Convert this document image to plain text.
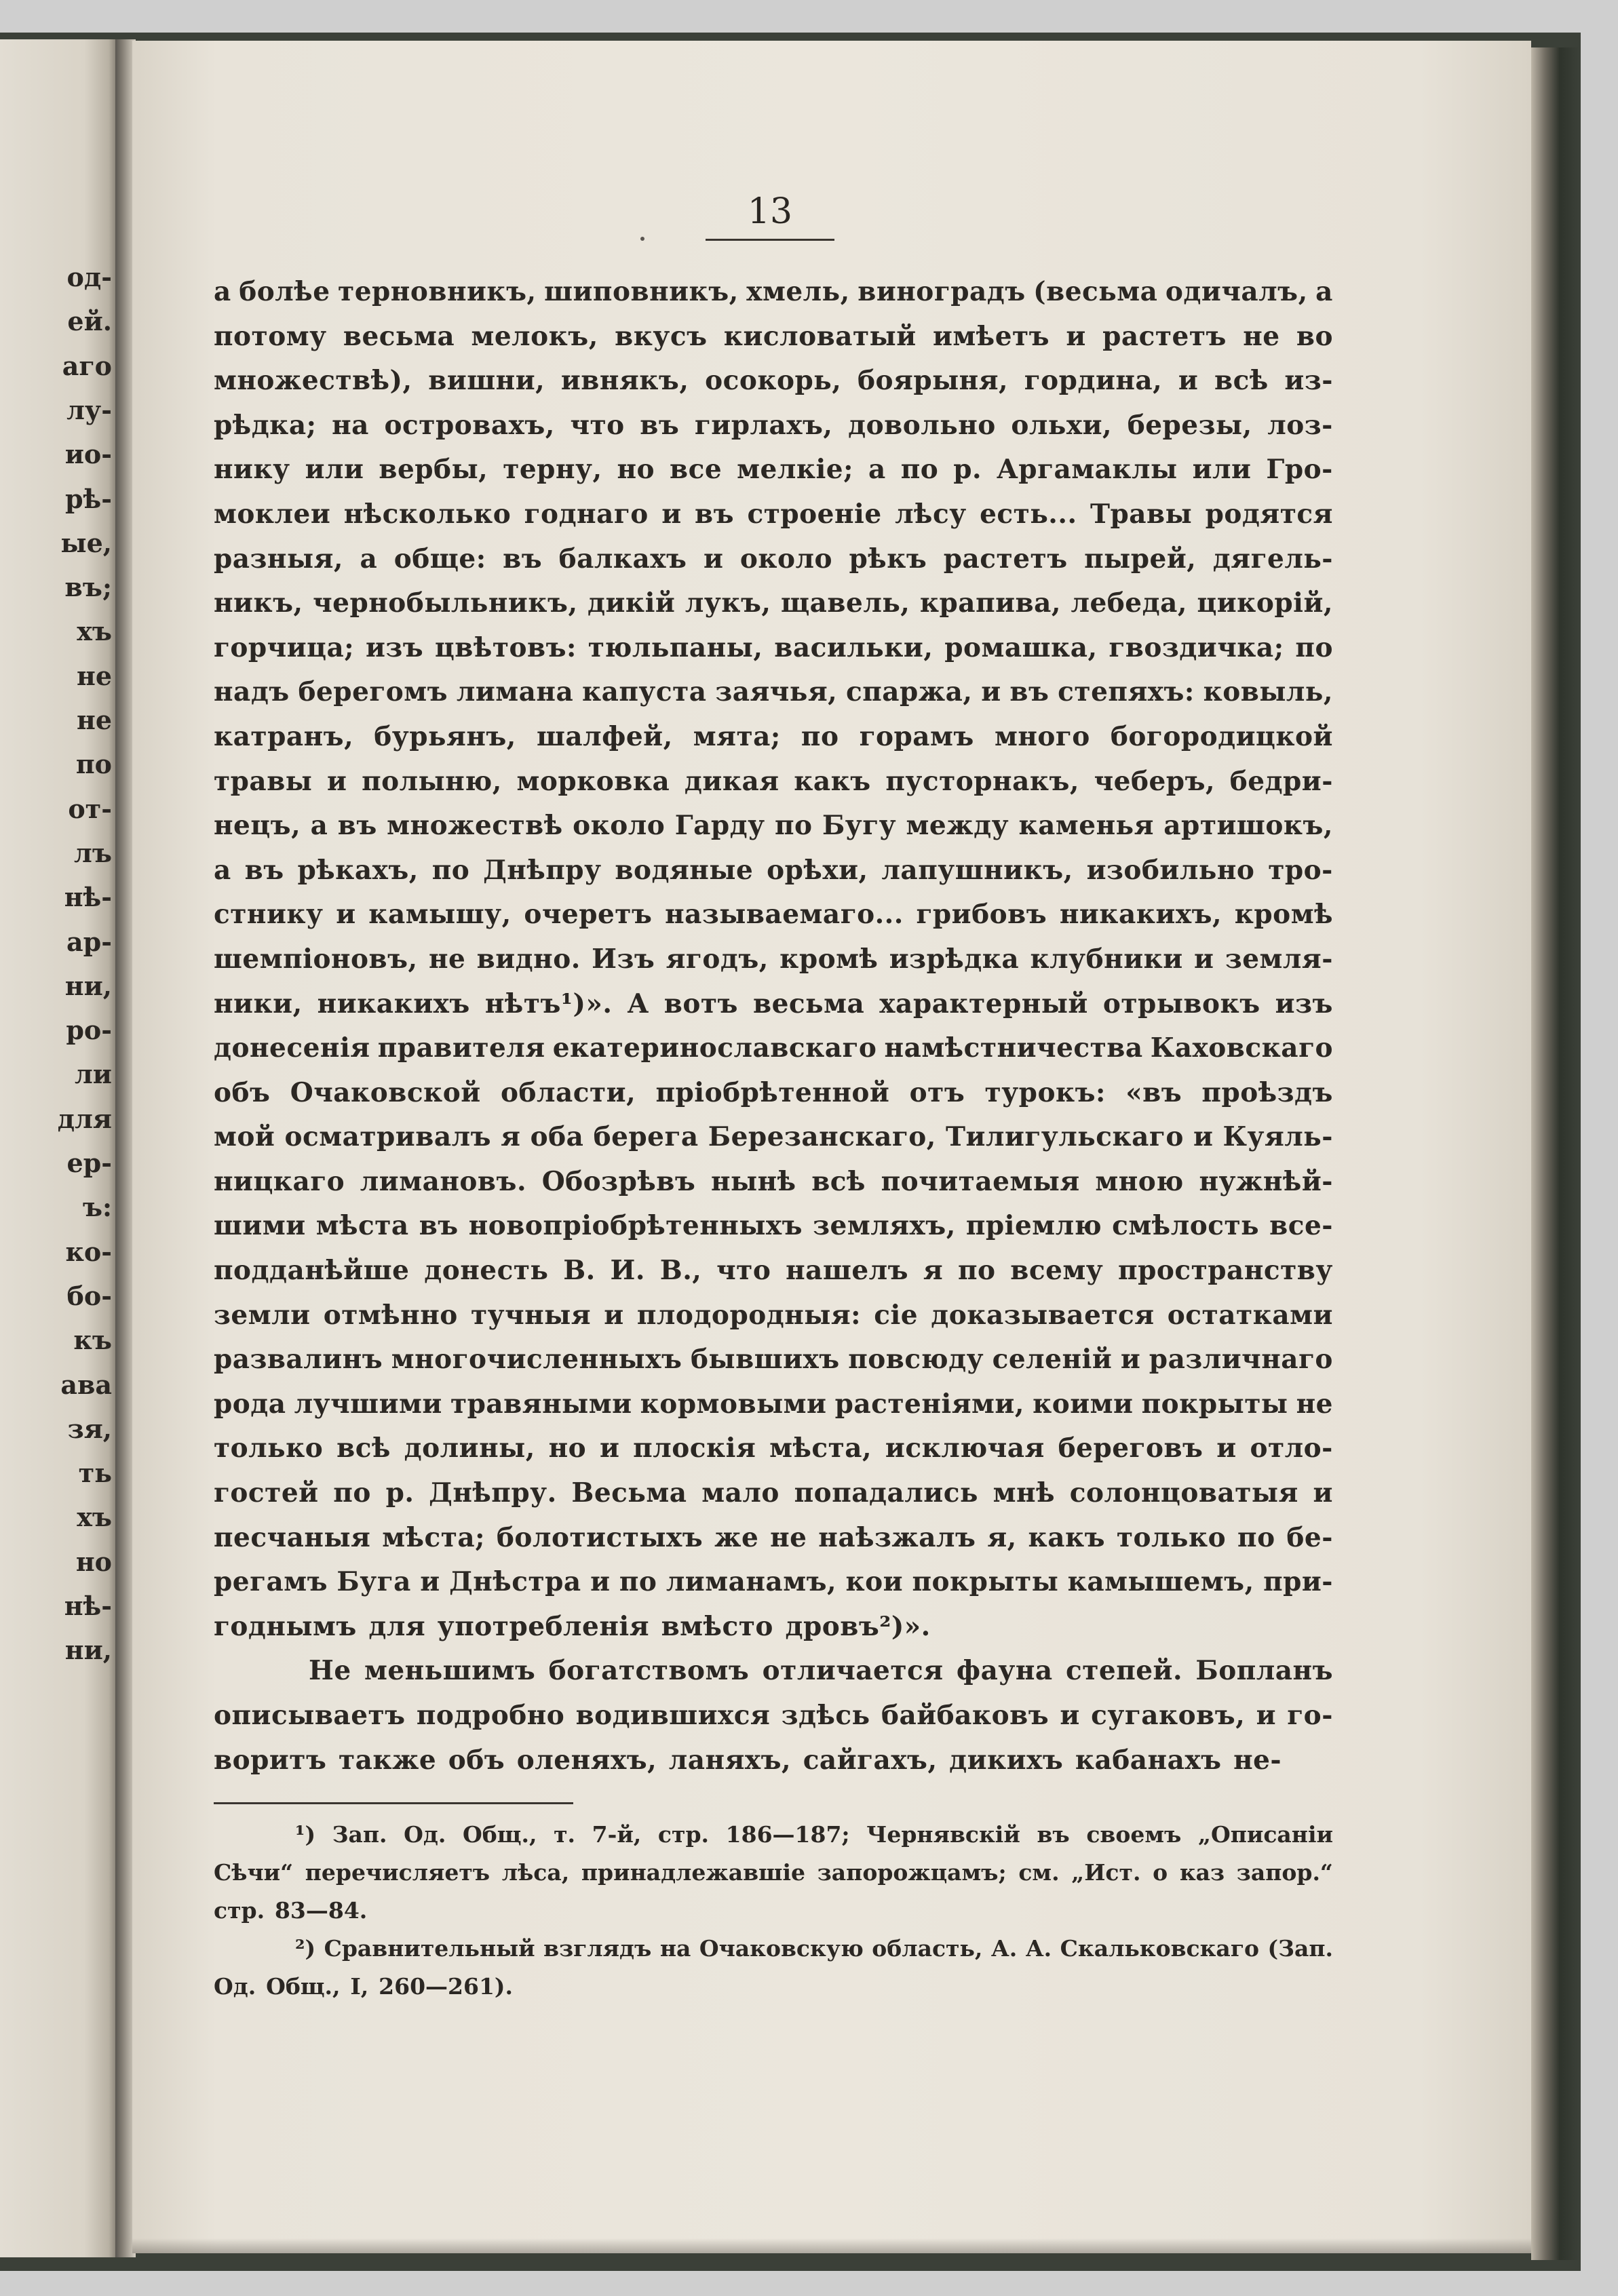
од-
ей.
аго
лу-
ио-
рѣ-
ые,
въ;
хъ
не
не
по
от-
лъ
нѣ-
ар-
ни,
ро-
ли
для
ер-
ъ:
ко-
бо-
къ
ава
зя,
ть
хъ
но
нѣ-
ни,
13
а болѣе терновникъ, шиповникъ, хмель, виноградъ (весьма одичалъ, а
потому весьма мелокъ, вкусъ кисловатый имѣетъ и растетъ не во
множествѣ), вишни, ивнякъ, осокорь, боярыня, гордина, и всѣ из-
рѣдка; на островахъ, что въ гирлахъ, довольно ольхи, березы, лоз-
нику или вербы, терну, но все мелкіе; а по р. Аргамаклы или Гро-
моклеи нѣсколько годнаго и въ строеніе лѣсу есть... Травы родятся
разныя, а обще: въ балкахъ и около рѣкъ растетъ пырей, дягель-
никъ, чернобыльникъ, дикій лукъ, щавель, крапива, лебеда, цикорій,
горчица; изъ цвѣтовъ: тюльпаны, васильки, ромашка, гвоздичка; по
надъ берегомъ лимана капуста заячья, спаржа, и въ степяхъ: ковыль,
катранъ, бурьянъ, шалфей, мята; по горамъ много богородицкой
травы и полыню, морковка дикая какъ пусторнакъ, чеберъ, бедри-
нецъ, а въ множествѣ около Гарду по Бугу между каменья артишокъ,
а въ рѣкахъ, по Днѣпру водяные орѣхи, лапушникъ, изобильно тро-
стнику и камышу, очеретъ называемаго... грибовъ никакихъ, кромѣ
шемпіоновъ, не видно. Изъ ягодъ, кромѣ изрѣдка клубники и земля-
ники, никакихъ нѣтъ¹)». А вотъ весьма характерный отрывокъ изъ
донесенія правителя екатеринославскаго намѣстничества Каховскаго
объ Очаковской области, пріобрѣтенной отъ турокъ: «въ проѣздъ
мой осматривалъ я оба берега Березанскаго, Тилигульскаго и Куяль-
ницкаго лимановъ. Обозрѣвъ нынѣ всѣ почитаемыя мною нужнѣй-
шими мѣста въ новопріобрѣтенныхъ земляхъ, пріемлю смѣлость все-
подданѣйше донесть В. И. В., что нашелъ я по всему пространству
земли отмѣнно тучныя и плодородныя: сіе доказывается остатками
развалинъ многочисленныхъ бывшихъ повсюду селеній и различнаго
рода лучшими травяными кормовыми растеніями, коими покрыты не
только всѣ долины, но и плоскія мѣста, исключая береговъ и отло-
гостей по р. Днѣпру. Весьма мало попадались мнѣ солонцоватыя и
песчаныя мѣста; болотистыхъ же не наѣзжалъ я, какъ только по бе-
регамъ Буга и Днѣстра и по лиманамъ, кои покрыты камышемъ, при-
годнымъ для употребленія вмѣсто дровъ²)».
Не меньшимъ богатствомъ отличается фауна степей. Бопланъ
описываетъ подробно водившихся здѣсь байбаковъ и сугаковъ, и го-
воритъ также объ оленяхъ, ланяхъ, сайгахъ, дикихъ кабанахъ не-
¹) Зап. Од. Общ., т. 7-й, стр. 186—187; Чернявскій въ своемъ „Описаніи
Сѣчи“ перечисляетъ лѣса, принадлежавшіе запорожцамъ; см. „Ист. о каз запор.“
стр. 83—84.
²) Сравнительный взглядъ на Очаковскую область, А. А. Скальковскаго (Зап.
Од. Общ., I, 260—261).
